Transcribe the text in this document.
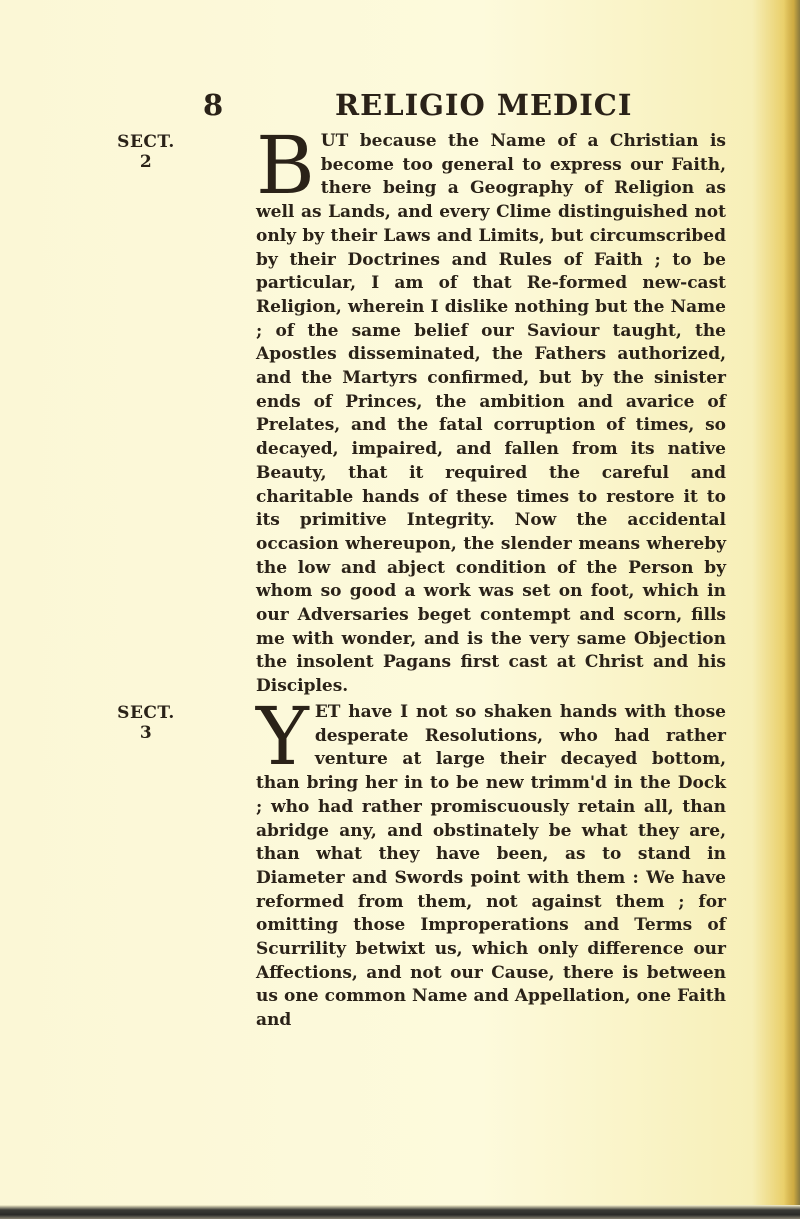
8	RELIGIO MEDICI
SECT.
2	B UT because the Name of a Christian is become too general to express our Faith, there being a Geography of Religion as well as Lands, and every Clime distinguished not only by their Laws and Limits, but circumscribed by their Doctrines and Rules of Faith ; to be particular, I am of that Re-formed new-cast Religion, wherein I dislike nothing but the Name ; of the same belief our Saviour taught, the Apostles disseminated, the Fathers authorized, and the Martyrs confirmed, but by the sinister ends of Princes, the ambition and avarice of Prelates, and the fatal corruption of times, so decayed, impaired, and fallen from its native Beauty, that it required the careful and charitable hands of these times to restore it to its primitive Integrity. Now the accidental occasion whereupon, the slender means whereby the low and abject condition of the Person by whom so good a work was set on foot, which in our Adversaries beget contempt and scorn, fills me with wonder, and is the very same Objection the insolent Pagans first cast at Christ and his Disciples.

SECT.
3	Y ET have I not so shaken hands with those desperate Resolutions, who had rather venture at large their decayed bottom, than bring her in to be new trimm'd in the Dock ; who had rather promiscuously retain all, than abridge any, and obstinately be what they are, than what they have been, as to stand in Diameter and Swords point with them : We have reformed from them, not against them ; for omitting those Improperations and Terms of Scurrility betwixt us, which only difference our Affections, and not our Cause, there is between us one common Name and Appellation, one Faith and
